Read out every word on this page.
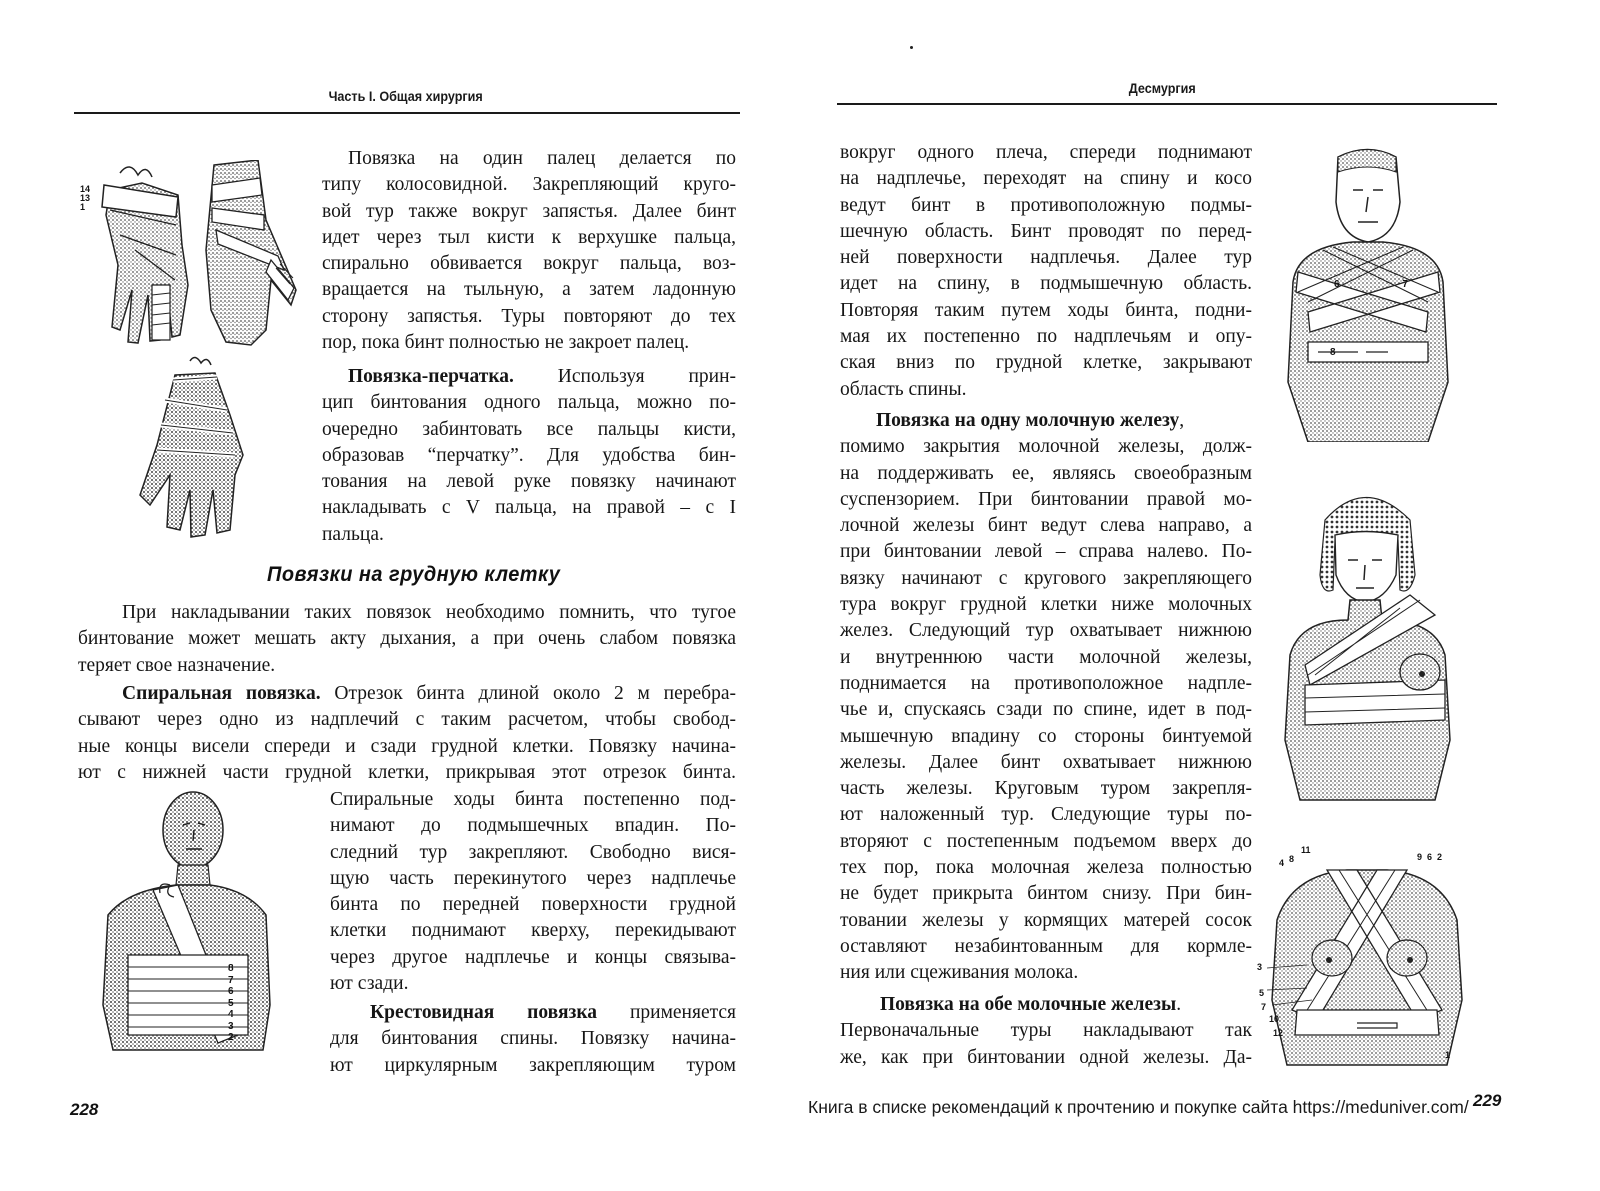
Часть I. Общая хирургия
14
13
1
Повязка на один палец делается по
типу колосовидной. Закрепляющий круго-
вой тур также вокруг запястья. Далее бинт
идет через тыл кисти к верхушке пальца,
спирально обвивается вокруг пальца, воз-
вращается на тыльную, а затем ладонную
сторону запястья. Туры повторяют до тех
пор, пока бинт полностью не закроет палец.
Повязка-перчатка. Используя прин-
цип бинтования одного пальца, можно по-
очередно забинтовать все пальцы кисти,
образовав “перчатку”. Для удобства бин-
тования на левой руке повязку начинают
накладывать с V пальца, на правой – с I
пальца.
Повязки на грудную клетку
При накладывании таких повязок необходимо помнить, что тугое
бинтование может мешать акту дыхания, а при очень слабом повязка
теряет свое назначение.
Спиральная повязка. Отрезок бинта длиной около 2 м перебра-
сывают через одно из надплечий с таким расчетом, чтобы свобод-
ные концы висели спереди и сзади грудной клетки. Повязку начина-
ют с нижней части грудной клетки, прикрывая этот отрезок бинта.
8
7
6
5
4
3
2
Спиральные ходы бинта постепенно под-
нимают до подмышечных впадин. По-
следний тур закрепляют. Свободно вися-
щую часть перекинутого через надплечье
бинта по передней поверхности грудной
клетки поднимают кверху, перекидывают
через другое надплечье и концы связыва-
ют сзади.
Крестовидная повязка применяется
для бинтования спины. Повязку начина-
ют циркулярным закрепляющим туром
228
Десмургия
вокруг одного плеча, спереди поднимают
на надплечье, переходят на спину и косо
ведут бинт в противоположную подмы-
шечную область. Бинт проводят по перед-
ней поверхности надплечья. Далее тур
идет на спину, в подмышечную область.
Повторяя таким путем ходы бинта, подни-
мая их постепенно по надплечьям и опу-
ская вниз по грудной клетке, закрывают
область спины.
Повязка на одну молочную железу,
помимо закрытия молочной железы, долж-
на поддерживать ее, являясь своеобразным
суспензорием. При бинтовании правой мо-
лочной железы бинт ведут слева направо, а
при бинтовании левой – справа налево. По-
вязку начинают с кругового закрепляющего
тура вокруг грудной клетки ниже молочных
желез. Следующий тур охватывает нижнюю
и внутреннюю части молочной железы,
поднимается на противоположное надпле-
чье и, спускаясь сзади по спине, идет в под-
мышечную впадину со стороны бинтуемой
железы. Далее бинт охватывает нижнюю
часть железы. Круговым туром закрепля-
ют наложенный тур. Следующие туры по-
вторяют с постепенным подъемом вверх до
тех пор, пока молочная железа полностью
не будет прикрыта бинтом снизу. При бин-
товании железы у кормящих матерей сосок
оставляют незабинтованным для кормле-
ния или сцеживания молока.
Повязка на обе молочные железы.
Первоначальные туры накладывают так
же, как при бинтовании одной железы. Да-
6	7
8
4 8
11
9 6 2
3
5
7
10
12
1
Книга в списке рекомендаций к прочтению и покупке сайта https://meduniver.com/ 229
